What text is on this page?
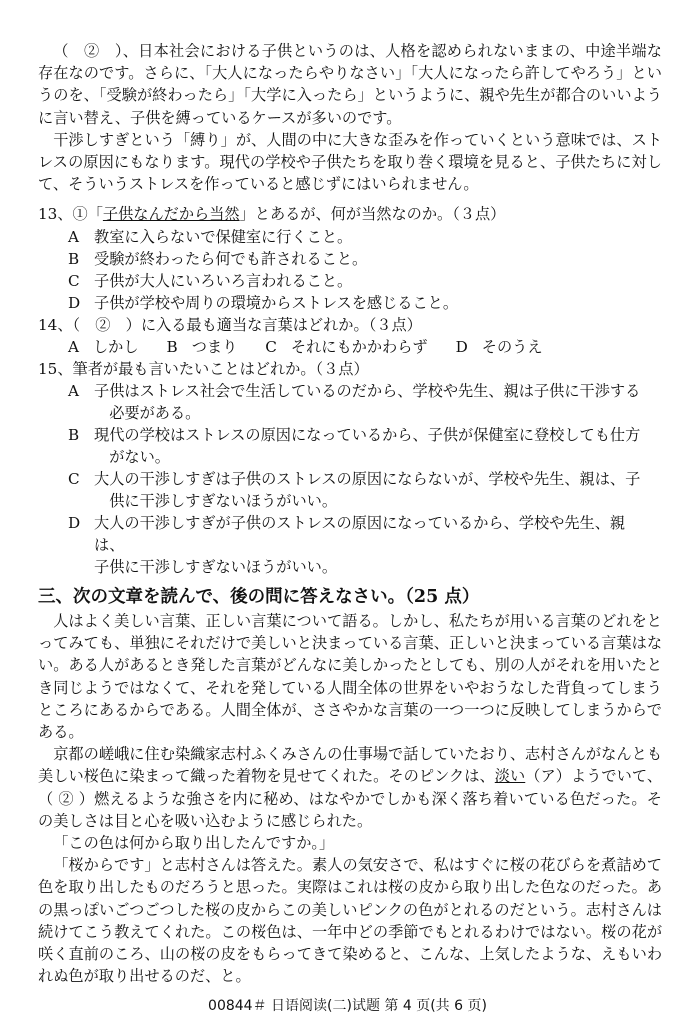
（　②　）、日本社会における子供というのは、人格を認められないままの、中途半端な存在なのです。さらに、「大人になったらやりなさい」「大人になったら許してやろう」というのを、「受験が終わったら」「大学に入ったら」というように、親や先生が都合のいいように言い替え、子供を縛っているケースが多いのです。

干渉しすぎという「縛り」が、人間の中に大きな歪みを作っていくという意味では、ストレスの原因にもなります。現代の学校や子供たちを取り巻く環境を見ると、子供たちに対して、そういうストレスを作っていると感じずにはいられません。

13、①「子供なんだから当然」とあるが、何が当然なのか。（３点）

A 教室に入らないで保健室に行くこと。
B 受験が終わったら何でも許されること。
C 子供が大人にいろいろ言われること。
D 子供が学校や周りの環境からストレスを感じること。

14、（　②　）に入る最も適当な言葉はどれか。（３点）

A しかし B つまり C それにもかかわらず D そのうえ

15、筆者が最も言いたいことはどれか。（３点）

A 子供はストレス社会で生活しているのだから、学校や先生、親は子供に干渉する
必要がある。
B 現代の学校はストレスの原因になっているから、子供が保健室に登校しても仕方
がない。
C 大人の干渉しすぎは子供のストレスの原因にならないが、学校や先生、親は、子
供に干渉しすぎないほうがいい。
D 大人の干渉しすぎが子供のストレスの原因になっているから、学校や先生、親は、
子供に干渉しすぎないほうがいい。
三、次の文章を読んで、後の問に答えなさい。（25 点）

人はよく美しい言葉、正しい言葉について語る。しかし、私たちが用いる言葉のどれをとってみても、単独にそれだけで美しいと決まっている言葉、正しいと決まっている言葉はない。ある人があるとき発した言葉がどんなに美しかったとしても、別の人がそれを用いたとき同じようではなくて、それを発している人間全体の世界をいやおうなした背負ってしまうところにあるからである。人間全体が、ささやかな言葉の一つ一つに反映してしまうからである。

京都の嵯峨に住む染織家志村ふくみさんの仕事場で話していたおり、志村さんがなんとも美しい桜色に染まって織った着物を見せてくれた。そのピンクは、淡い（ア）ようでいて、（ ② ）燃えるような強さを内に秘め、はなやかでしかも深く落ち着いている色だった。その美しさは目と心を吸い込むように感じられた。

「この色は何から取り出したんですか。」

「桜からです」と志村さんは答えた。素人の気安さで、私はすぐに桜の花びらを煮詰めて色を取り出したものだろうと思った。実際はこれは桜の皮から取り出した色なのだった。あの黒っぽいごつごつした桜の皮からこの美しいピンクの色がとれるのだという。志村さんは続けてこう教えてくれた。この桜色は、一年中どの季節でもとれるわけではない。桜の花が咲く直前のころ、山の桜の皮をもらってきて染めると、こんな、上気したような、えもいわれぬ色が取り出せるのだ、と。

00844＃ 日语阅读(二)试题 第 4 页(共 6 页)
